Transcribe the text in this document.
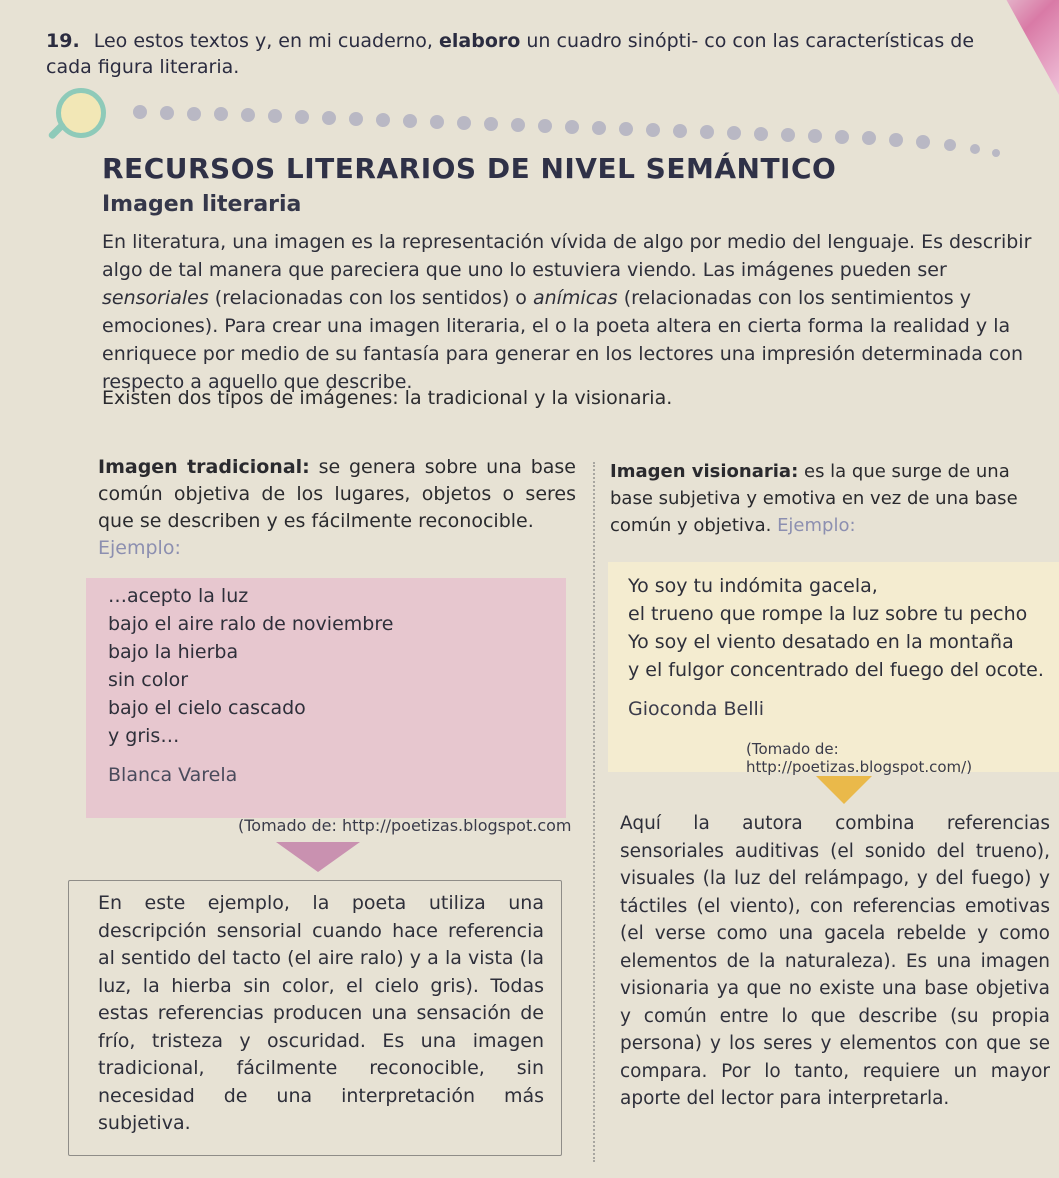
19. Leo estos textos y, en mi cuaderno, elaboro un cuadro sinópti- co con las características de cada figura literaria.

RECURSOS LITERARIOS DE NIVEL SEMÁNTICO
Imagen literaria

En literatura, una imagen es la representación vívida de algo por medio del lenguaje. Es describir algo de tal manera que pareciera que uno lo estuviera viendo. Las imágenes pueden ser sensoriales (relacionadas con los sentidos) o anímicas (relacionadas con los sentimientos y emociones). Para crear una imagen literaria, el o la poeta altera en cierta forma la realidad y la enriquece por medio de su fantasía para generar en los lectores una impresión determinada con respecto a aquello que describe.

Existen dos tipos de imágenes: la tradicional y la visionaria.

Imagen tradicional: se genera sobre una base común objetiva de los lugares, objetos o seres que se describen y es fácilmente reconocible.
Ejemplo:

Imagen visionaria: es la que surge de una base subjetiva y emotiva en vez de una base común y objetiva. Ejemplo:

…acepto la luz
bajo el aire ralo de noviembre
bajo la hierba
sin color
bajo el cielo cascado
y gris…
Blanca Varela
(Tomado de: http://poetizas.blogspot.com
Yo soy tu indómita gacela,
el trueno que rompe la luz sobre tu pecho
Yo soy el viento desatado en la montaña
y el fulgor concentrado del fuego del ocote.
Gioconda Belli
(Tomado de: http://poetizas.blogspot.com/)

En este ejemplo, la poeta utiliza una descripción sensorial cuando hace referencia al sentido del tacto (el aire ralo) y a la vista (la luz, la hierba sin color, el cielo gris). Todas estas referencias producen una sensación de frío, tristeza y oscuridad. Es una imagen tradicional, fácilmente reconocible, sin necesidad de una interpretación más subjetiva.

Aquí la autora combina referencias sensoriales auditivas (el sonido del trueno), visuales (la luz del relámpago, y del fuego) y táctiles (el viento), con referencias emotivas (el verse como una gacela rebelde y como elementos de la naturaleza). Es una imagen visionaria ya que no existe una base objetiva y común entre lo que describe (su propia persona) y los seres y elementos con que se compara. Por lo tanto, requiere un mayor aporte del lector para interpretarla.
